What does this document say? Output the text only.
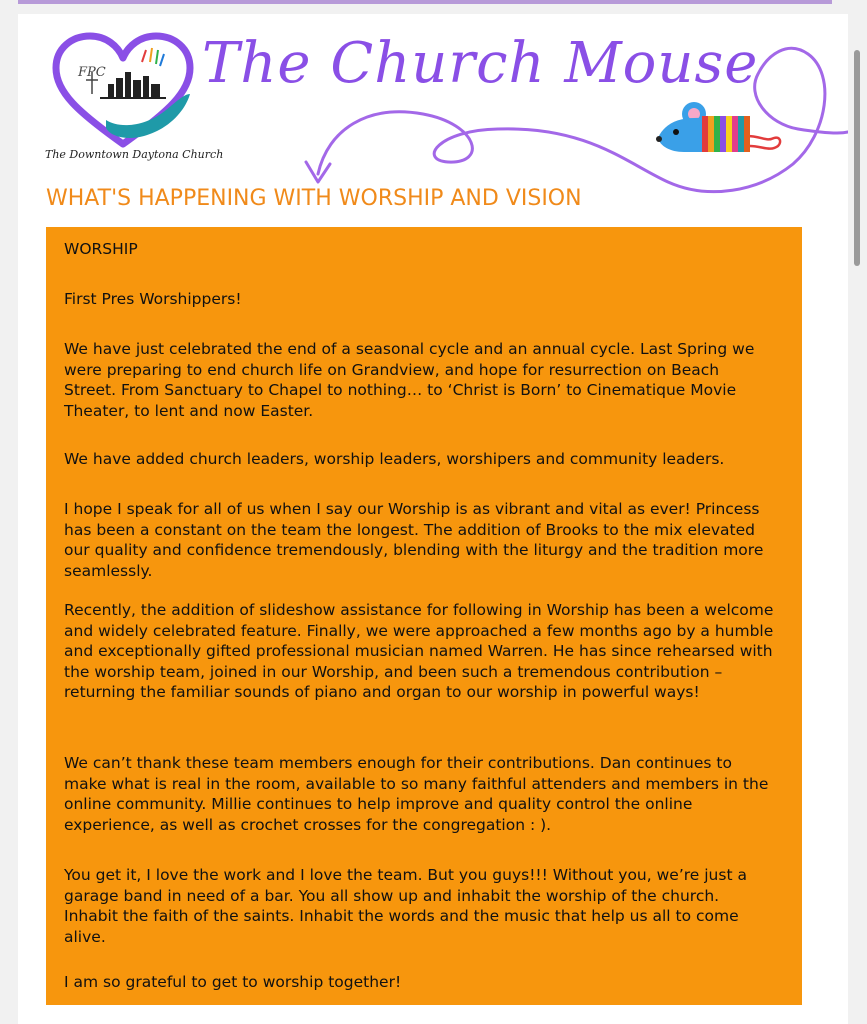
FPC
The Downtown Daytona Church
The Church Mouse
WHAT'S HAPPENING WITH WORSHIP AND VISION

WORSHIP

First Pres Worshippers!

We have just celebrated the end of a seasonal cycle and an annual cycle. Last Spring we were preparing to end church life on Grandview, and hope for resurrection on Beach Street. From Sanctuary to Chapel to nothing… to ‘Christ is Born’ to Cinematique Movie Theater, to lent and now Easter.

We have added church leaders, worship leaders, worshipers and community leaders.

I hope I speak for all of us when I say our Worship is as vibrant and vital as ever! Princess has been a constant on the team the longest. The addition of Brooks to the mix elevated our quality and confidence tremendously, blending with the liturgy and the tradition more seamlessly.

Recently, the addition of slideshow assistance for following in Worship has been a welcome and widely celebrated feature. Finally, we were approached a few months ago by a humble and exceptionally gifted professional musician named Warren. He has since rehearsed with the worship team, joined in our Worship, and been such a tremendous contribution – returning the familiar sounds of piano and organ to our worship in powerful ways!

We can’t thank these team members enough for their contributions. Dan continues to make what is real in the room, available to so many faithful attenders and members in the online community. Millie continues to help improve and quality control the online experience, as well as crochet crosses for the congregation : ).

You get it, I love the work and I love the team. But you guys!!! Without you, we’re just a garage band in need of a bar. You all show up and inhabit the worship of the church. Inhabit the faith of the saints. Inhabit the words and the music that help us all to come alive.

I am so grateful to get to worship together!
